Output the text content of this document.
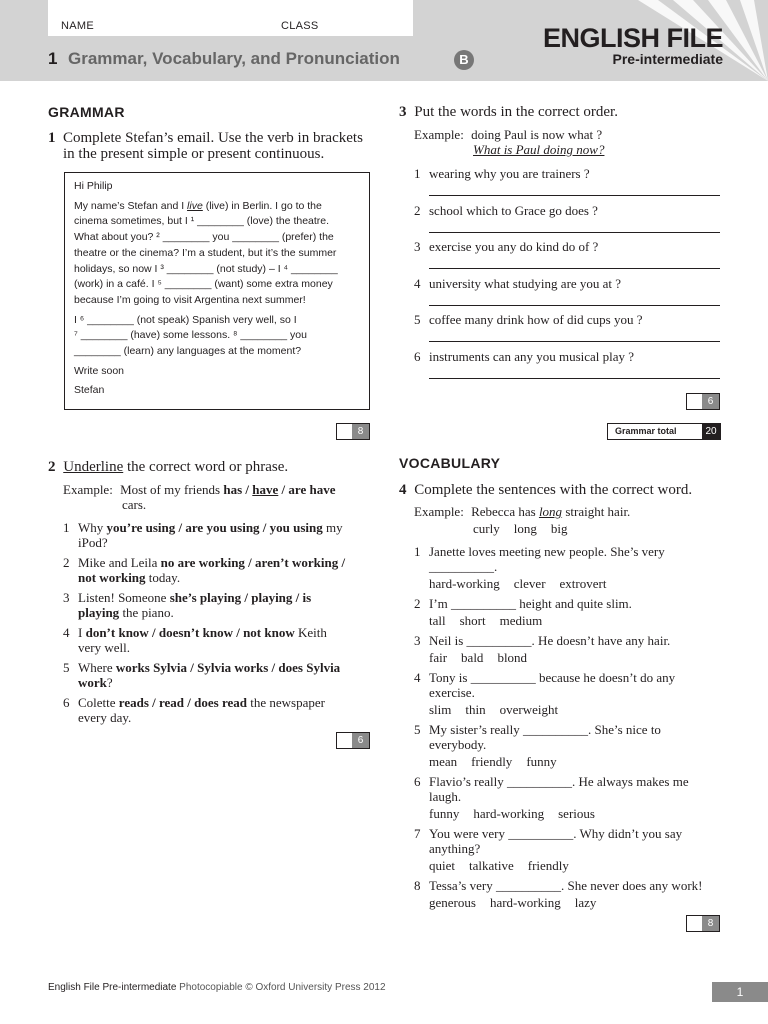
NAME	CLASS
1 Grammar, Vocabulary, and Pronunciation	B
ENGLISH FILE
Pre-intermediate
GRAMMAR
1 Complete Stefan’s email. Use the verb in brackets
in the present simple or present continuous.

Hi Philip

My name’s Stefan and I live (live) in Berlin. I go to the
cinema sometimes, but I ¹ ________ (love) the theatre.
What about you? ² ________ you ________ (prefer) the
theatre or the cinema? I’m a student, but it’s the summer
holidays, so now I ³ ________ (not study) – I ⁴ ________
(work) in a café. I ⁵ ________ (want) some extra money

because I’m going to visit Argentina next summer!

I ⁶ ________ (not speak) Spanish very well, so I
⁷ ________ (have) some lessons. ⁸ ________ you

________ (learn) any languages at the moment?

Write soon

Stefan
8
2 Underline the correct word or phrase.
Example: Most of my friends has / have / are have
cars.
1 Why you’re using / are you using / you using my
iPod?
2 Mike and Leila no are working / aren’t working /
not working today.
3 Listen! Someone she’s playing / playing / is
playing the piano.
4 I don’t know / doesn’t know / not know Keith
very well.
5 Where works Sylvia / Sylvia works / does Sylvia
work?
6 Colette reads / read / does read the newspaper
every day.
6
3 Put the words in the correct order.
Example: doing Paul is now what ?
What is Paul doing now?
1 wearing why you are trainers ?
2 school which to Grace go does ?
3 exercise you any do kind do of ?
4 university what studying are you at ?
5 coffee many drink how of did cups you ?
6 instruments can any you musical play ?
6
Grammar total	20
VOCABULARY
4 Complete the sentences with the correct word.
Example: Rebecca has long straight hair.
curly long big
1 Janette loves meeting new people. She’s very
__________.
hard-working clever extrovert
2 I’m __________ height and quite slim.
tall short medium
3 Neil is __________. He doesn’t have any hair.
fair bald blond
4 Tony is __________ because he doesn’t do any
exercise.
slim thin overweight
5 My sister’s really __________. She’s nice to
everybody.
mean friendly funny
6 Flavio’s really __________. He always makes me
laugh.
funny hard-working serious
7 You were very __________. Why didn’t you say
anything?
quiet talkative friendly
8 Tessa’s very __________. She never does any work!
generous hard-working lazy
8
English File Pre-intermediate Photocopiable © Oxford University Press 2012	1
